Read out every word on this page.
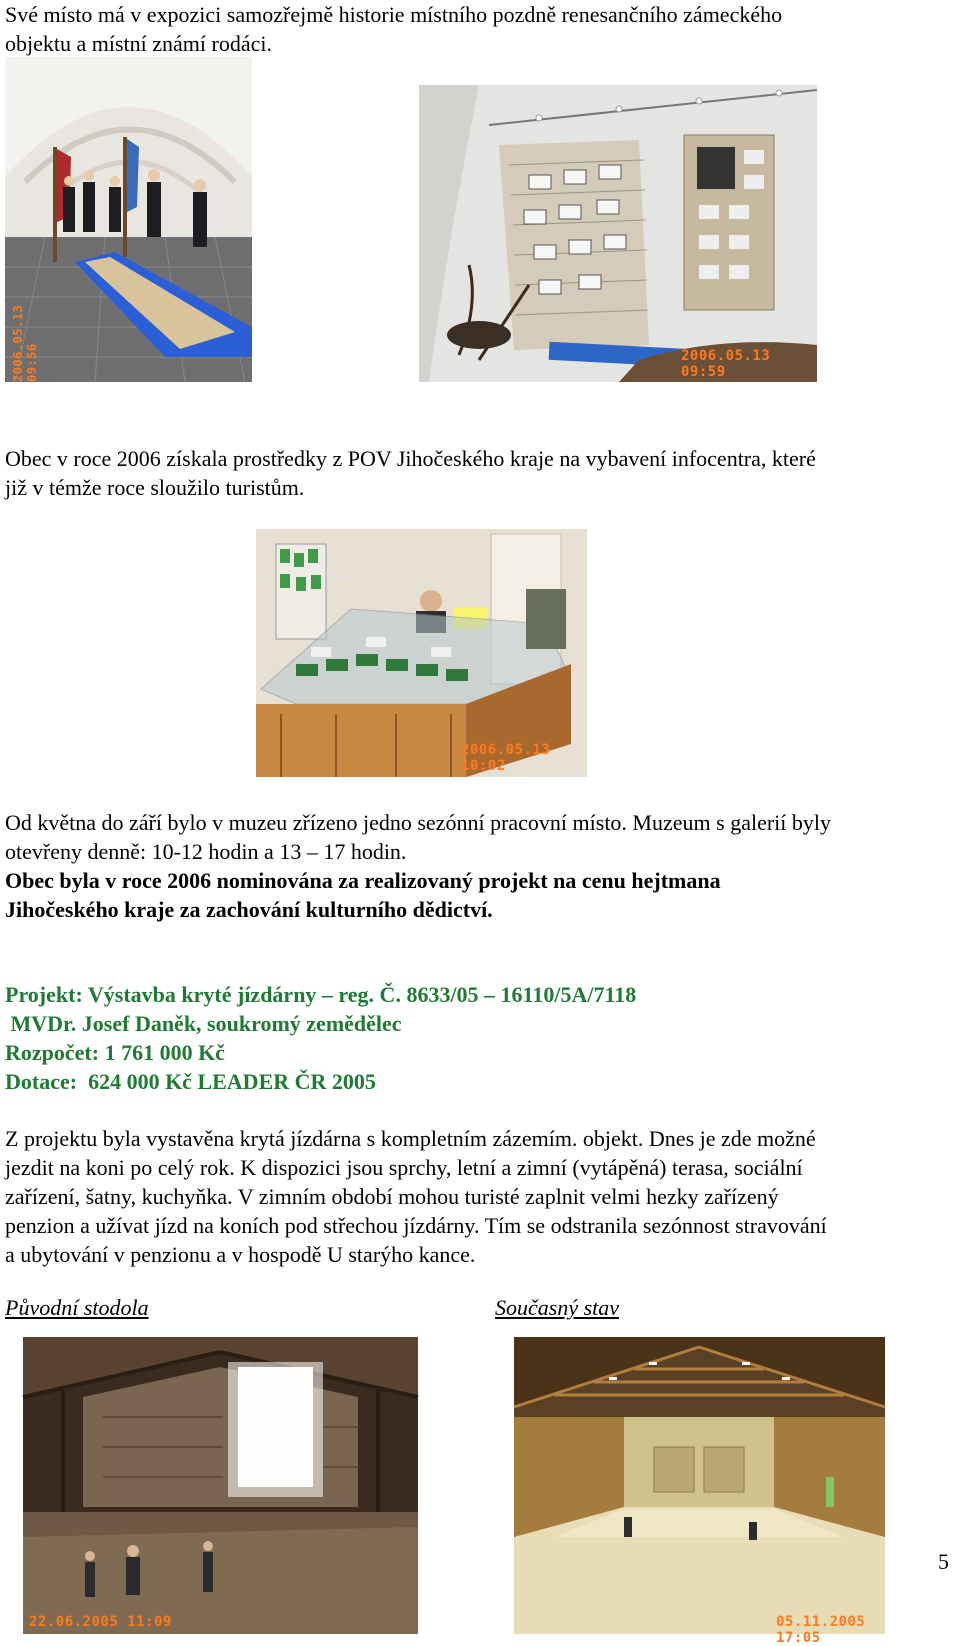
Své místo má v expozici samozřejmě historie místního pozdně renesančního zámeckého

objektu a místní známí rodáci.

2006.05.13 09:56	2006.05.13 09:59

Obec v roce 2006 získala prostředky z POV Jihočeského kraje na vybavení infocentra, které

již v témže roce sloužilo turistům.

2006.05.13 10:02

Od května do září bylo v muzeu zřízeno jedno sezónní pracovní místo. Muzeum s galerií byly

otevřeny denně: 10-12 hodin a 13 – 17 hodin.

Obec byla v roce 2006 nominována za realizovaný projekt na cenu hejtmana

Jihočeského kraje za zachování kulturního dědictví.

Projekt: Výstavba kryté jízdárny – reg. Č. 8633/05 – 16110/5A/7118

MVDr. Josef Daněk, soukromý zemědělec

Rozpočet: 1 761 000 Kč

Dotace:  624 000 Kč LEADER ČR 2005

Z projektu byla vystavěna krytá jízdárna s kompletním zázemím. objekt. Dnes je zde možné

jezdit na koni po celý rok. K dispozici jsou sprchy, letní a zimní (vytápěná) terasa, sociální

zařízení, šatny, kuchyňka. V zimním období mohou turisté zaplnit velmi hezky zařízený

penzion a užívat jízd na koních pod střechou jízdárny. Tím se odstranila sezónnost stravování

a ubytování v penzionu a v hospodě U starýho kance.

Původní stodola	Současný stav
22.06.2005 11:09	05.11.2005 17:05
5
